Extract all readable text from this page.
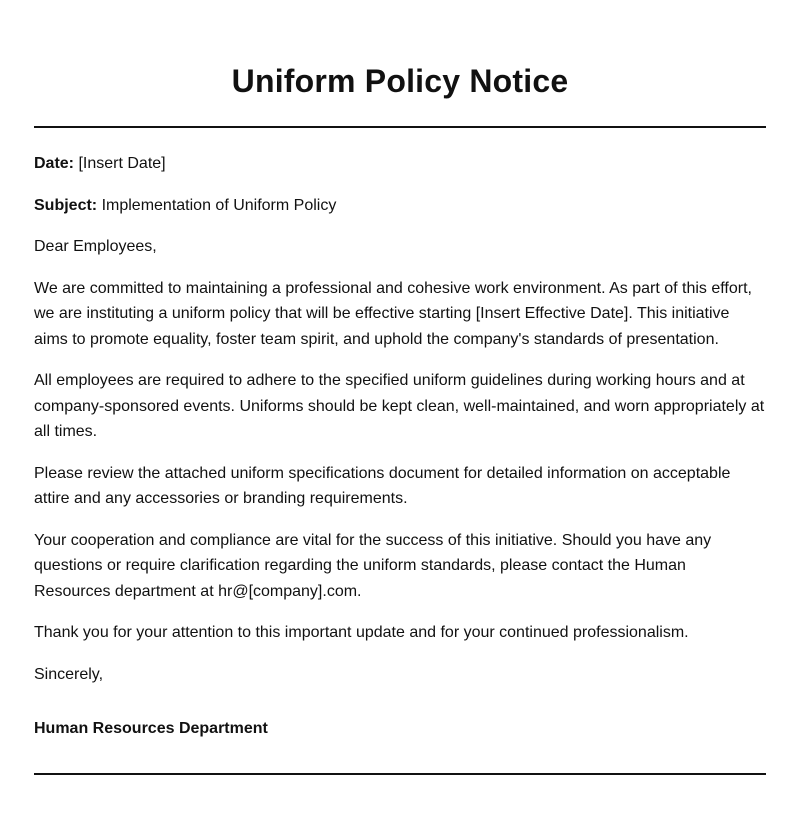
Uniform Policy Notice

Date: [Insert Date]

Subject: Implementation of Uniform Policy

Dear Employees,

We are committed to maintaining a professional and cohesive work environment. As part of this effort, we are instituting a uniform policy that will be effective starting [Insert Effective Date]. This initiative aims to promote equality, foster team spirit, and uphold the company's standards of presentation.

All employees are required to adhere to the specified uniform guidelines during working hours and at company-sponsored events. Uniforms should be kept clean, well-maintained, and worn appropriately at all times.

Please review the attached uniform specifications document for detailed information on acceptable attire and any accessories or branding requirements.

Your cooperation and compliance are vital for the success of this initiative. Should you have any questions or require clarification regarding the uniform standards, please contact the Human Resources department at hr@[company].com.

Thank you for your attention to this important update and for your continued professionalism.

Sincerely,

Human Resources Department
